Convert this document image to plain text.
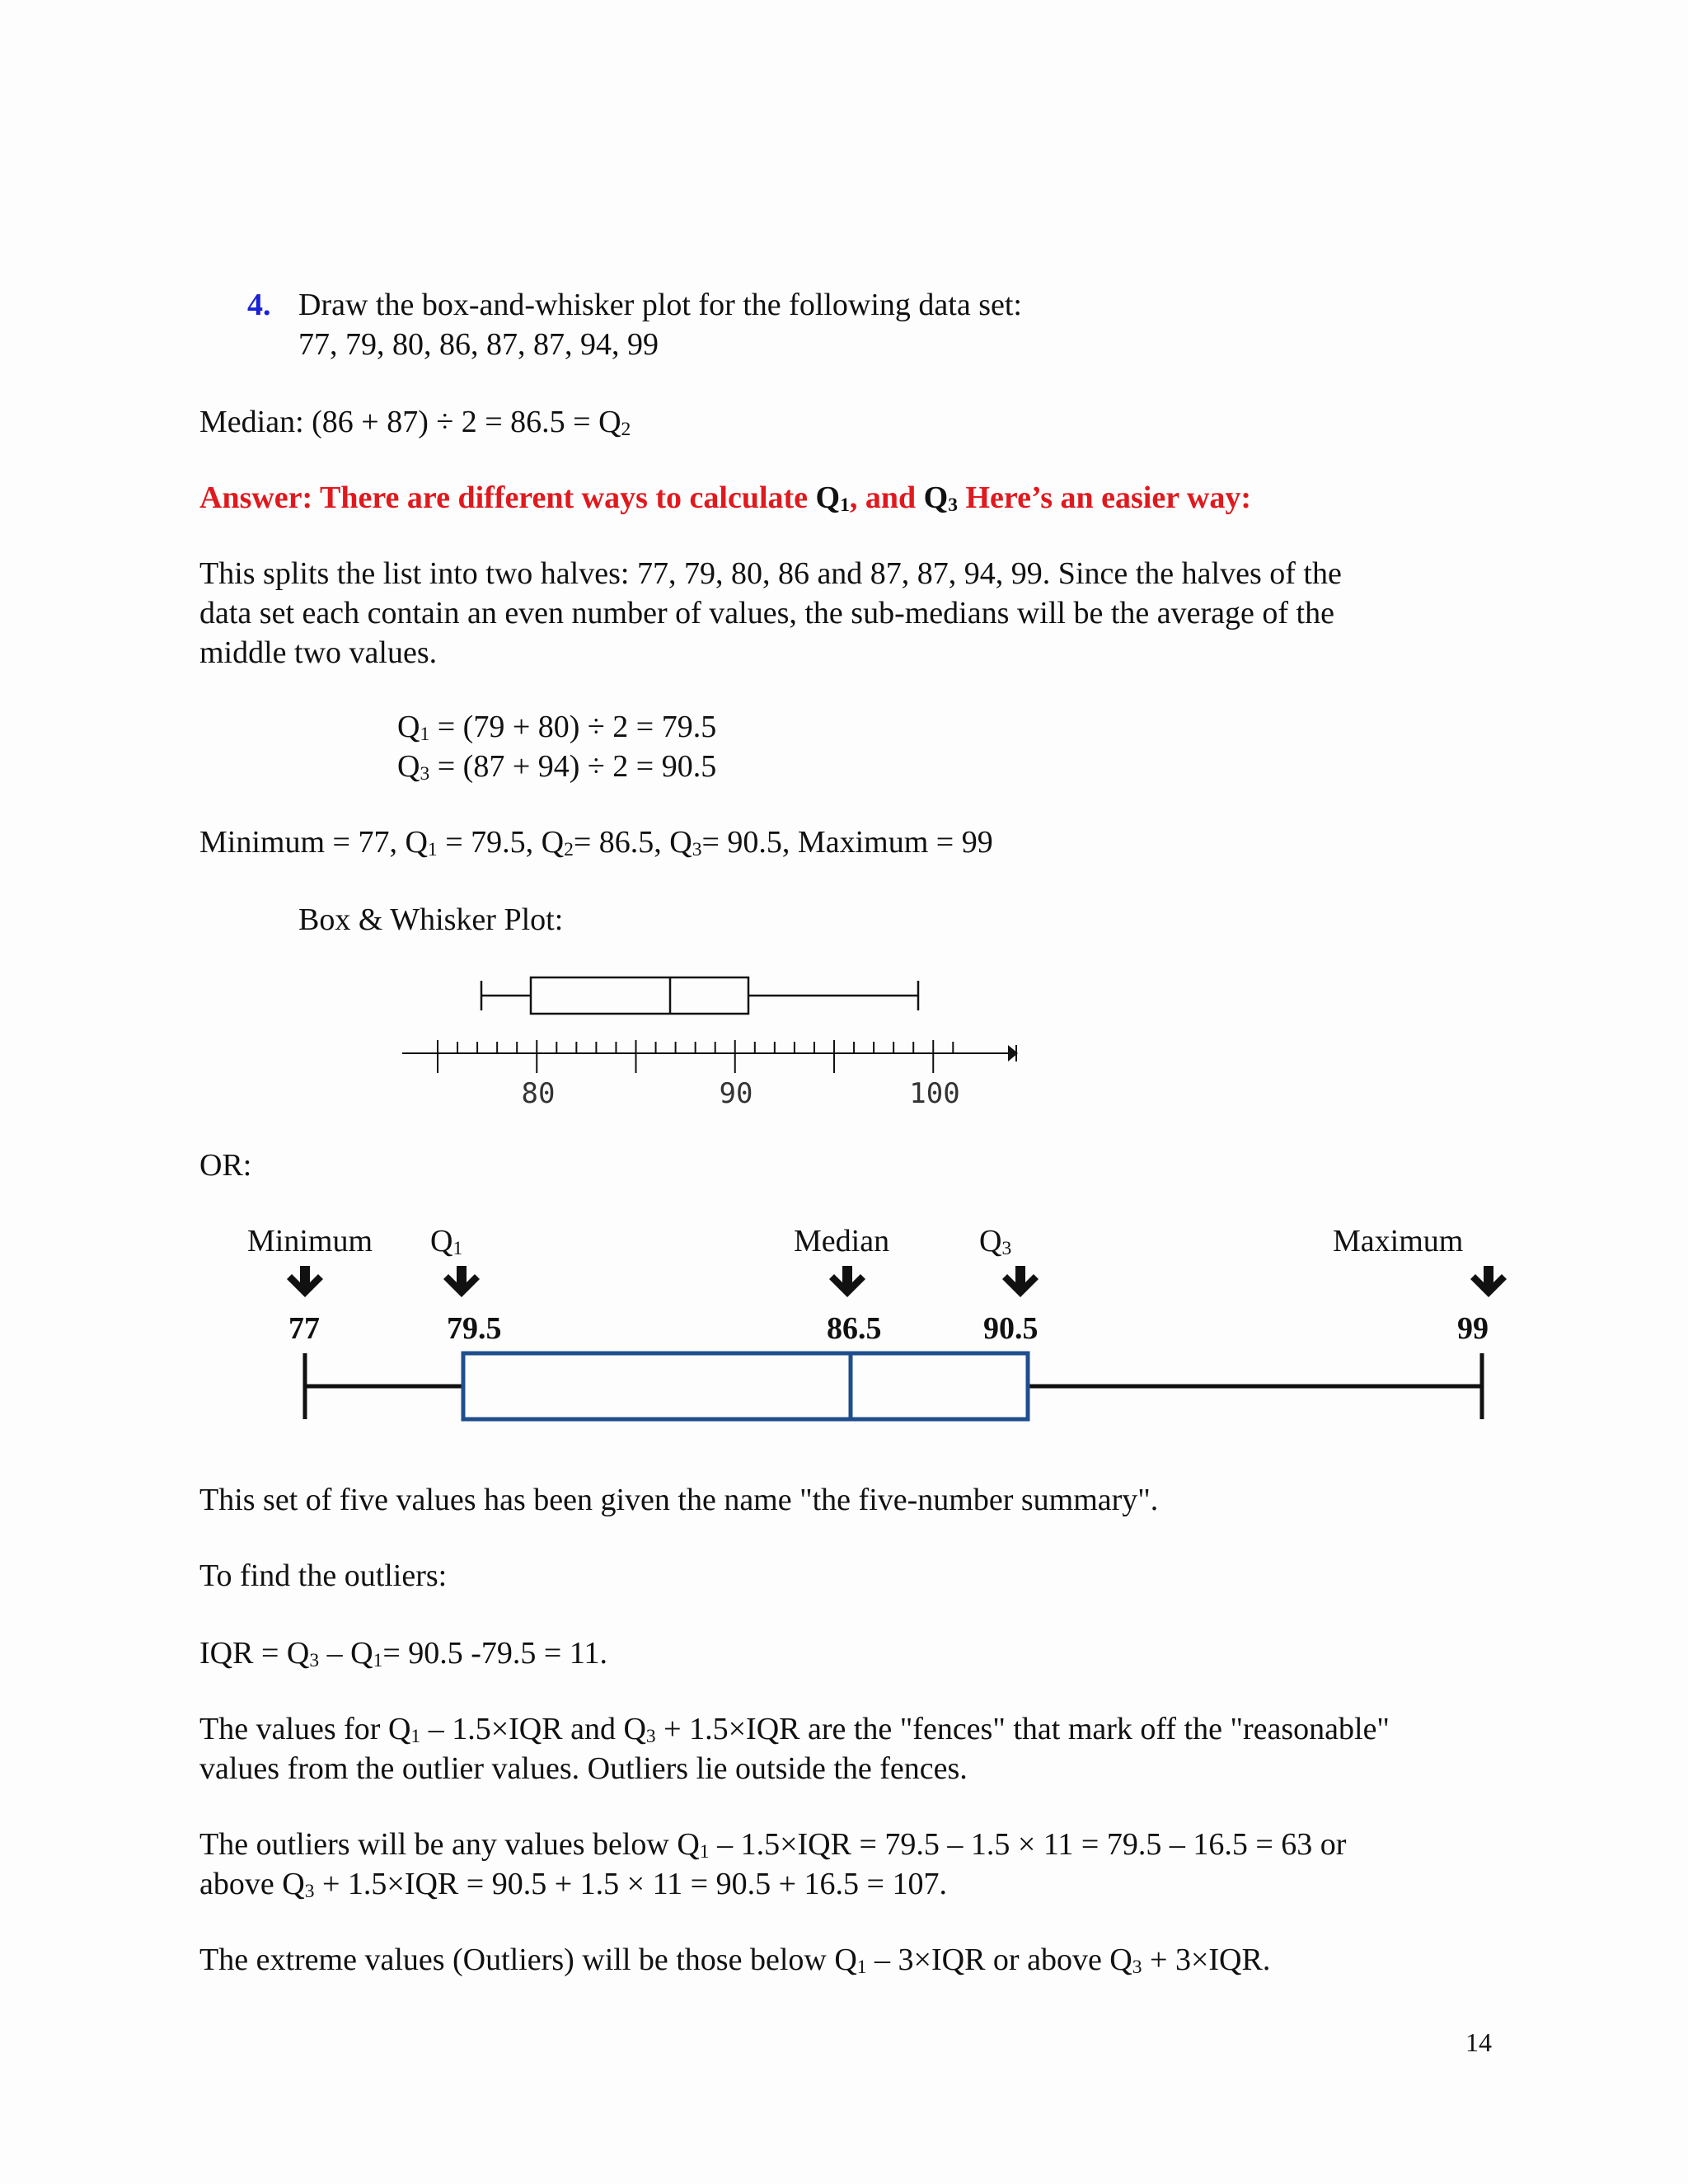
4. Draw the box-and-whisker plot for the following data set:
77, 79, 80, 86, 87, 87, 94, 99
Median: $(86 + 87) \div 2 = 86.5 = Q_2$
Answer: There are different ways to calculate $Q_1$, and $Q_3$ Here’s an easier way:
This splits the list into two halves: 77, 79, 80, 86 and 87, 87, 94, 99. Since the halves of the
data set each contain an even number of values, the sub-medians will be the average of the
middle two values.
$Q_1 = (79 + 80) \div 2 = 79.5$
$Q_3 = (87 + 94) \div 2 = 90.5$
Minimum = 77, $Q_1 = 79.5$, $Q_2= 86.5$, $Q_3= 90.5$, Maximum = 99
Box & Whisker Plot:
80	90	100
OR:
Minimum $Q_1$	Median	$Q_3$	Maximum
77	79.5	86.5	90.5	99
This set of five values has been given the name "the five-number summary".
To find the outliers:
IQR = $Q_3 - Q_1= 90.5$ -79.5 = 11.
The values for $Q_1 - 1.5\times IQR$ and $Q_3 + 1.5\times IQR$ are the "fences" that mark off the "reasonable"
values from the outlier values. Outliers lie outside the fences.
The outliers will be any values below $Q_1 - 1.5\times IQR = 79.5 - 1.5 \times 11 = 79.5 - 16.5 = 63$ or
above $Q_3 + 1.5\times IQR = 90.5 + 1.5 \times 11 = 90.5 + 16.5 = 107$.
The extreme values (Outliers) will be those below $Q_1 - 3\times IQR$ or above $Q_3 + 3\times IQR$.
14
